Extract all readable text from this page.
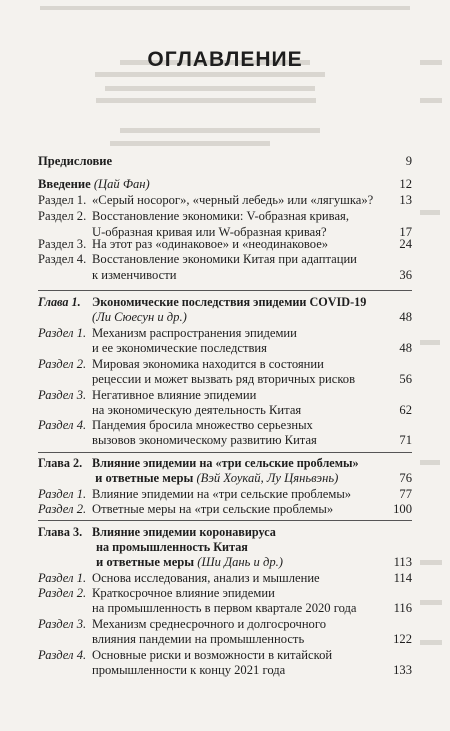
ОГЛАВЛЕНИЕ
Предисловие	9
Введение (Цай Фан)	12
Раздел 1. «Серый носорог», «черный лебедь» или «лягушка»? 13
Раздел 2. Восстановление экономики: V-образная кривая,
U-образная кривая или W-образная кривая?	17
Раздел 3. На этот раз «одинаковое» и «неодинаковое»	24
Раздел 4. Восстановление экономики Китая при адаптации
к изменчивости	36
Глава 1. Экономические последствия эпидемии COVID-19
(Ли Сюесун и др.)	48
Раздел 1. Механизм распространения эпидемии
и ее экономические последствия	48
Раздел 2. Мировая экономика находится в состоянии
рецессии и может вызвать ряд вторичных рисков	56
Раздел 3. Негативное влияние эпидемии
на экономическую деятельность Китая	62
Раздел 4. Пандемия бросила множество серьезных
вызовов экономическому развитию Китая	71
Глава 2. Влияние эпидемии на «три сельские проблемы»
и ответные меры (Вэй Хоукай, Лу Цяньвэнь)	76
Раздел 1. Влияние эпидемии на «три сельские проблемы»	77
Раздел 2. Ответные меры на «три сельские проблемы»	100
Глава 3. Влияние эпидемии коронавируса
на промышленность Китая
и ответные меры (Ши Дань и др.)	113
Раздел 1. Основа исследования, анализ и мышление	114
Раздел 2. Краткосрочное влияние эпидемии
на промышленность в первом квартале 2020 года	116
Раздел 3. Механизм среднесрочного и долгосрочного
влияния пандемии на промышленность	122
Раздел 4. Основные риски и возможности в китайской
промышленности к концу 2021 года	133
